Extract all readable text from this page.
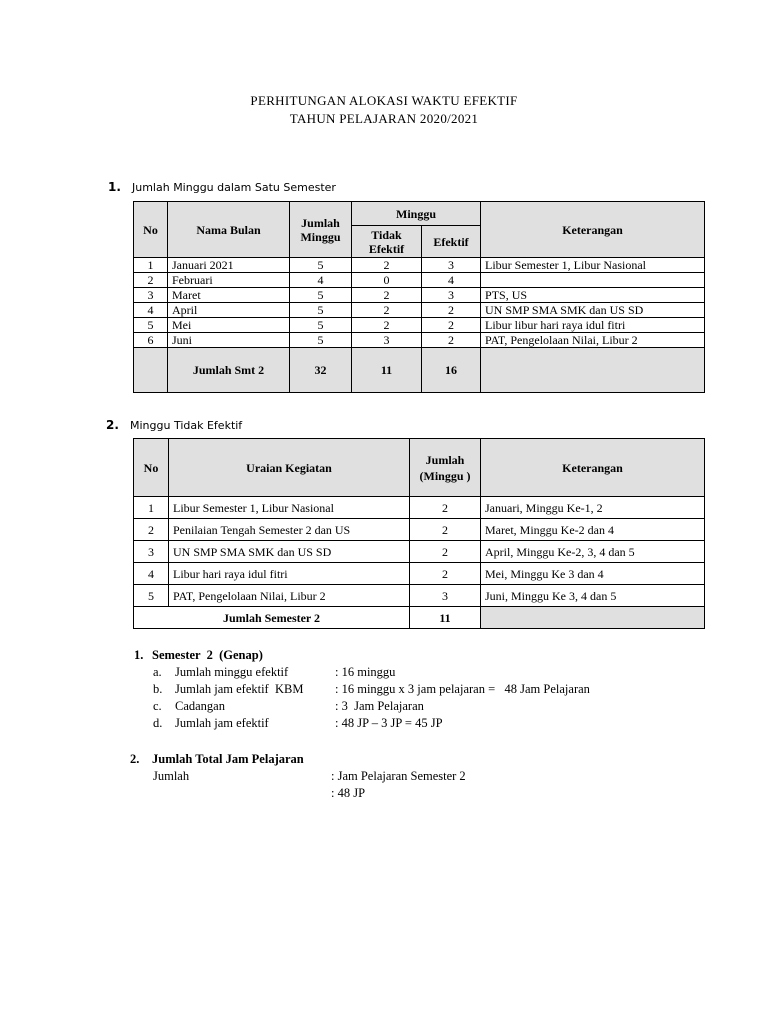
PERHITUNGAN ALOKASI WAKTU EFEKTIF
TAHUN PELAJARAN 2020/2021
1. Jumlah Minggu dalam Satu Semester
No	Nama Bulan	Jumlah Minggu	Minggu		Keterangan
			Tidak Efektif	Efektif	
1	Januari 2021	5	2	3	Libur Semester 1, Libur Nasional
2	Februari	4	0	4	
3	Maret	5	2	3	PTS, US
4	April	5	2	2	UN SMP SMA SMK dan US SD
5	Mei	5	2	2	Libur libur hari raya idul fitri
6	Juni	5	3	2	PAT, Pengelolaan Nilai, Libur 2
	Jumlah Smt 2	32	11	16	
2. Minggu Tidak Efektif
No	Uraian Kegiatan	Jumlah (Minggu )	Keterangan
1	Libur Semester 1, Libur Nasional	2	Januari, Minggu Ke-1, 2
2	Penilaian Tengah Semester 2 dan US	2	Maret, Minggu Ke-2 dan 4
3	UN SMP SMA SMK dan US SD	2	April, Minggu Ke-2, 3, 4 dan 5
4	Libur hari raya idul fitri	2	Mei, Minggu Ke 3 dan 4
5	PAT, Pengelolaan Nilai, Libur 2	3	Juni, Minggu Ke 3, 4 dan 5
Jumlah Semester 2		11	
1. Semester  2  (Genap)
a. Jumlah minggu efektif	: 16 minggu
b. Jumlah jam efektif  KBM	: 16 minggu x 3 jam pelajaran =   48 Jam Pelajaran
c. Cadangan	: 3  Jam Pelajaran
d. Jumlah jam efektif	: 48 JP – 3 JP = 45 JP
2. Jumlah Total Jam Pelajaran
Jumlah	: Jam Pelajaran Semester 2
: 48 JP
